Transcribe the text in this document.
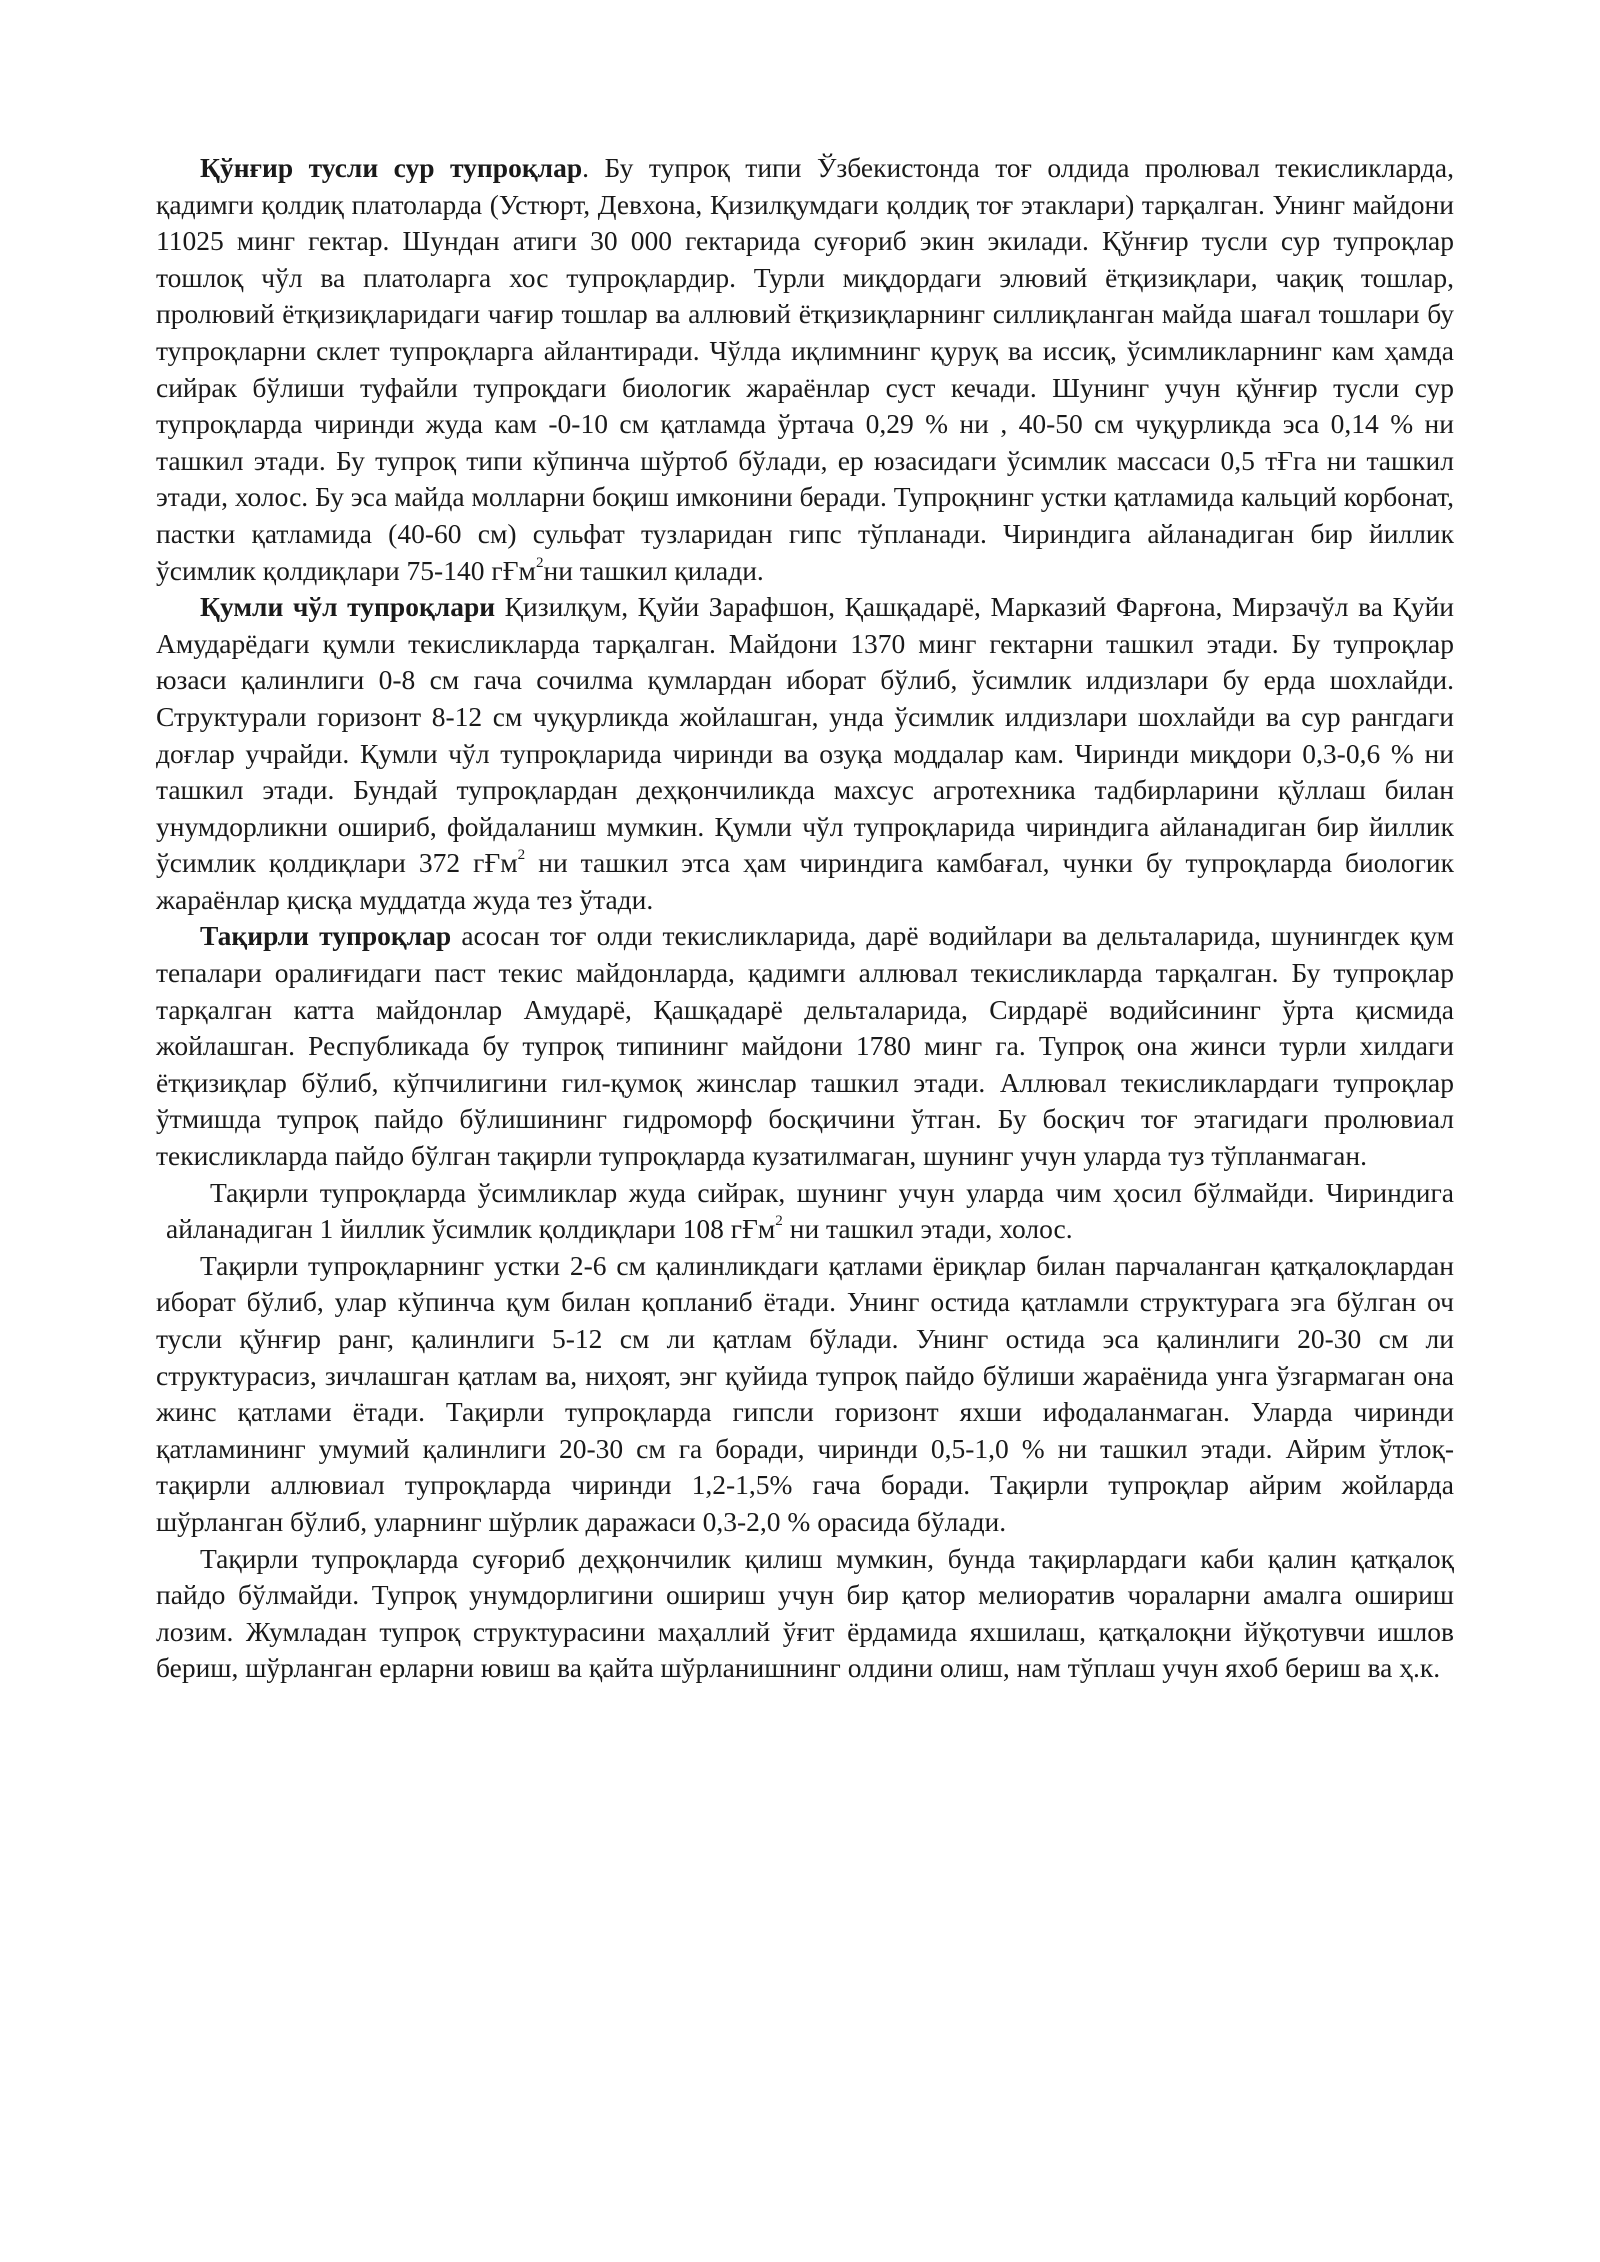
Қўнғир тусли сур тупроқлар. Бу тупроқ типи Ўзбекистонда тоғ олдида пролювал текисликларда, қадимги қолдиқ платоларда (Устюрт, Девхона, Қизилқумдаги қолдиқ тоғ этаклари) тарқалган. Унинг майдони 11025 минг гектар. Шундан атиги 30 000 гектарида суғориб экин экилади. Қўнғир тусли сур тупроқлар тошлоқ чўл ва платоларга хос тупроқлардир. Турли миқдордаги элювий ётқизиқлари, чақиқ тошлар, пролювий ётқизиқларидаги чағир тошлар ва аллювий ётқизиқларнинг силлиқланган майда шағал тошлари бу тупроқларни склет тупроқларга айлантиради. Чўлда иқлимнинг қуруқ ва иссиқ, ўсимликларнинг кам ҳамда сийрак бўлиши туфайли тупроқдаги биологик жараёнлар суст кечади. Шунинг учун қўнғир тусли сур тупроқларда чиринди жуда кам -0-10 см қатламда ўртача 0,29 % ни , 40-50 см чуқурликда эса 0,14 % ни ташкил этади. Бу тупроқ типи кўпинча шўртоб бўлади, ер юзасидаги ўсимлик массаси 0,5 тҒга ни ташкил этади, холос. Бу эса майда молларни боқиш имконини беради. Тупроқнинг устки қатламида кальций корбонат, пастки қатламида (40-60 см) сульфат тузларидан гипс тўпланади. Чириндига айланадиган бир йиллик ўсимлик қолдиқлари 75-140 гҒм$^2$ни ташкил қилади.

Қумли чўл тупроқлари Қизилқум, Қуйи Зарафшон, Қашқадарё, Марказий Фарғона, Мирзачўл ва Қуйи Амударёдаги қумли текисликларда тарқалган. Майдони 1370 минг гектарни ташкил этади. Бу тупроқлар юзаси қалинлиги 0-8 см гача сочилма қумлардан иборат бўлиб, ўсимлик илдизлари бу ерда шохлайди. Структурали горизонт 8-12 см чуқурликда жойлашган, унда ўсимлик илдизлари шохлайди ва сур рангдаги доғлар учрайди. Қумли чўл тупроқларида чиринди ва озуқа моддалар кам. Чиринди миқдори 0,3-0,6 % ни ташкил этади. Бундай тупроқлардан деҳқончиликда махсус агротехника тадбирларини қўллаш билан унумдорликни ошириб, фойдаланиш мумкин. Қумли чўл тупроқларида чириндига айланадиган бир йиллик ўсимлик қолдиқлари 372 гҒм$^2$ ни ташкил этса ҳам чириндига камбағал, чунки бу тупроқларда биологик жараёнлар қисқа муддатда жуда тез ўтади.

Тақирли тупроқлар асосан тоғ олди текисликларида, дарё водийлари ва дельталарида, шунингдек қум тепалари оралиғидаги паст текис майдонларда, қадимги аллювал текисликларда тарқалган. Бу тупроқлар тарқалган катта майдонлар Амударё, Қашқадарё дельталарида, Сирдарё водийсининг ўрта қисмида жойлашган. Республикада бу тупроқ типининг майдони 1780 минг га. Тупроқ она жинси турли хилдаги ётқизиқлар бўлиб, кўпчилигини гил-қумоқ жинслар ташкил этади. Аллювал текисликлардаги тупроқлар ўтмишда тупроқ пайдо бўлишининг гидроморф босқичини ўтган. Бу босқич тоғ этагидаги пролювиал текисликларда пайдо бўлган тақирли тупроқларда кузатилмаган, шунинг учун уларда туз тўпланмаган.

Тақирли тупроқларда ўсимликлар жуда сийрак, шунинг учун уларда чим ҳосил бўлмайди. Чириндига айланадиган 1 йиллик ўсимлик қолдиқлари 108 гҒм$^2$ ни ташкил этади, холос.

Тақирли тупроқларнинг устки 2-6 см қалинликдаги қатлами ёриқлар билан парчаланган қатқалоқлардан иборат бўлиб, улар кўпинча қум билан қопланиб ётади. Унинг остида қатламли структурага эга бўлган оч тусли қўнғир ранг, қалинлиги 5-12 см ли қатлам бўлади. Унинг остида эса қалинлиги 20-30 см ли структурасиз, зичлашган қатлам ва, ниҳоят, энг қуйида тупроқ пайдо бўлиши жараёнида унга ўзгармаган она жинс қатлами ётади. Тақирли тупроқларда гипсли горизонт яхши ифодаланмаган. Уларда чиринди қатламининг умумий қалинлиги 20-30 см га боради, чиринди 0,5-1,0 % ни ташкил этади. Айрим ўтлоқ-тақирли аллювиал тупроқларда чиринди 1,2-1,5% гача боради. Тақирли тупроқлар айрим жойларда шўрланган бўлиб, уларнинг шўрлик даражаси 0,3-2,0 % орасида бўлади.

Тақирли тупроқларда суғориб деҳқончилик қилиш мумкин, бунда тақирлардаги каби қалин қатқалоқ пайдо бўлмайди. Тупроқ унумдорлигини ошириш учун бир қатор мелиоратив чораларни амалга ошириш лозим. Жумладан тупроқ структурасини маҳаллий ўғит ёрдамида яхшилаш, қатқалоқни йўқотувчи ишлов бериш, шўрланган ерларни ювиш ва қайта шўрланишнинг олдини олиш, нам тўплаш учун яхоб бериш ва ҳ.к.
